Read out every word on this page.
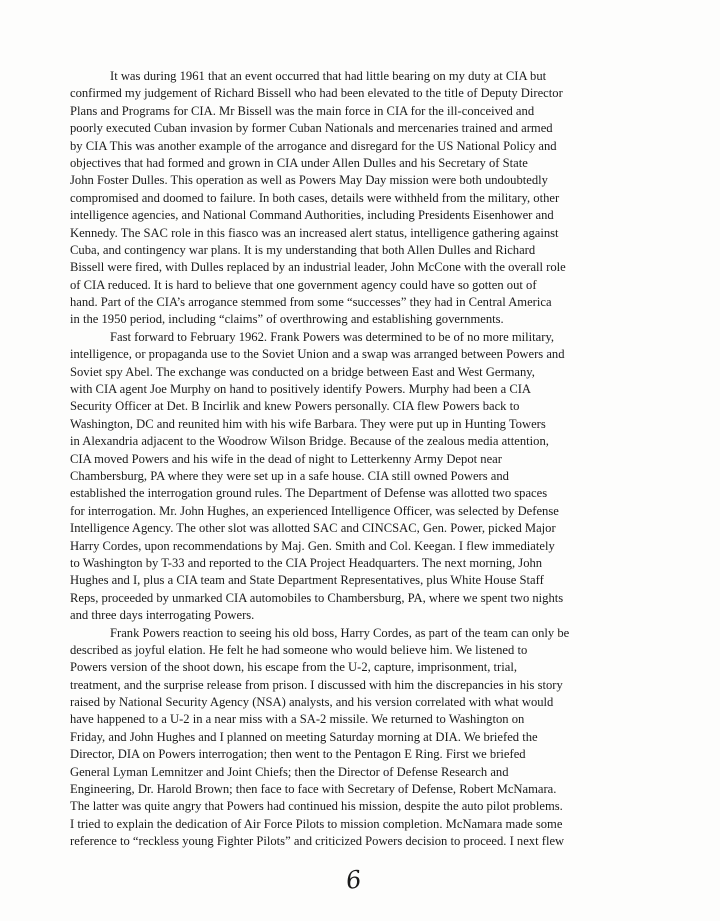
It was during 1961 that an event occurred that had little bearing on my duty at CIA but
confirmed my judgement of Richard Bissell who had been elevated to the title of Deputy Director
Plans and Programs for CIA. Mr Bissell was the main force in CIA for the ill-conceived and
poorly executed Cuban invasion by former Cuban Nationals and mercenaries trained and armed
by CIA This was another example of the arrogance and disregard for the US National Policy and
objectives that had formed and grown in CIA under Allen Dulles and his Secretary of State
John Foster Dulles. This operation as well as Powers May Day mission were both undoubtedly
compromised and doomed to failure. In both cases, details were withheld from the military, other
intelligence agencies, and National Command Authorities, including Presidents Eisenhower and
Kennedy. The SAC role in this fiasco was an increased alert status, intelligence gathering against
Cuba, and contingency war plans. It is my understanding that both Allen Dulles and Richard
Bissell were fired, with Dulles replaced by an industrial leader, John McCone with the overall role
of CIA reduced. It is hard to believe that one government agency could have so gotten out of
hand. Part of the CIA’s arrogance stemmed from some “successes” they had in Central America
in the 1950 period, including “claims” of overthrowing and establishing governments.
Fast forward to February 1962. Frank Powers was determined to be of no more military,
intelligence, or propaganda use to the Soviet Union and a swap was arranged between Powers and
Soviet spy Abel. The exchange was conducted on a bridge between East and West Germany,
with CIA agent Joe Murphy on hand to positively identify Powers. Murphy had been a CIA
Security Officer at Det. B Incirlik and knew Powers personally. CIA flew Powers back to
Washington, DC and reunited him with his wife Barbara. They were put up in Hunting Towers
in Alexandria adjacent to the Woodrow Wilson Bridge. Because of the zealous media attention,
CIA moved Powers and his wife in the dead of night to Letterkenny Army Depot near
Chambersburg, PA where they were set up in a safe house. CIA still owned Powers and
established the interrogation ground rules. The Department of Defense was allotted two spaces
for interrogation. Mr. John Hughes, an experienced Intelligence Officer, was selected by Defense
Intelligence Agency. The other slot was allotted SAC and CINCSAC, Gen. Power, picked Major
Harry Cordes, upon recommendations by Maj. Gen. Smith and Col. Keegan. I flew immediately
to Washington by T-33 and reported to the CIA Project Headquarters. The next morning, John
Hughes and I, plus a CIA team and State Department Representatives, plus White House Staff
Reps, proceeded by unmarked CIA automobiles to Chambersburg, PA, where we spent two nights
and three days interrogating Powers.
Frank Powers reaction to seeing his old boss, Harry Cordes, as part of the team can only be
described as joyful elation. He felt he had someone who would believe him. We listened to
Powers version of the shoot down, his escape from the U-2, capture, imprisonment, trial,
treatment, and the surprise release from prison. I discussed with him the discrepancies in his story
raised by National Security Agency (NSA) analysts, and his version correlated with what would
have happened to a U-2 in a near miss with a SA-2 missile. We returned to Washington on
Friday, and John Hughes and I planned on meeting Saturday morning at DIA. We briefed the
Director, DIA on Powers interrogation; then went to the Pentagon E Ring. First we briefed
General Lyman Lemnitzer and Joint Chiefs; then the Director of Defense Research and
Engineering, Dr. Harold Brown; then face to face with Secretary of Defense, Robert McNamara.
The latter was quite angry that Powers had continued his mission, despite the auto pilot problems.
I tried to explain the dedication of Air Force Pilots to mission completion. McNamara made some
reference to “reckless young Fighter Pilots” and criticized Powers decision to proceed. I next flew
6
